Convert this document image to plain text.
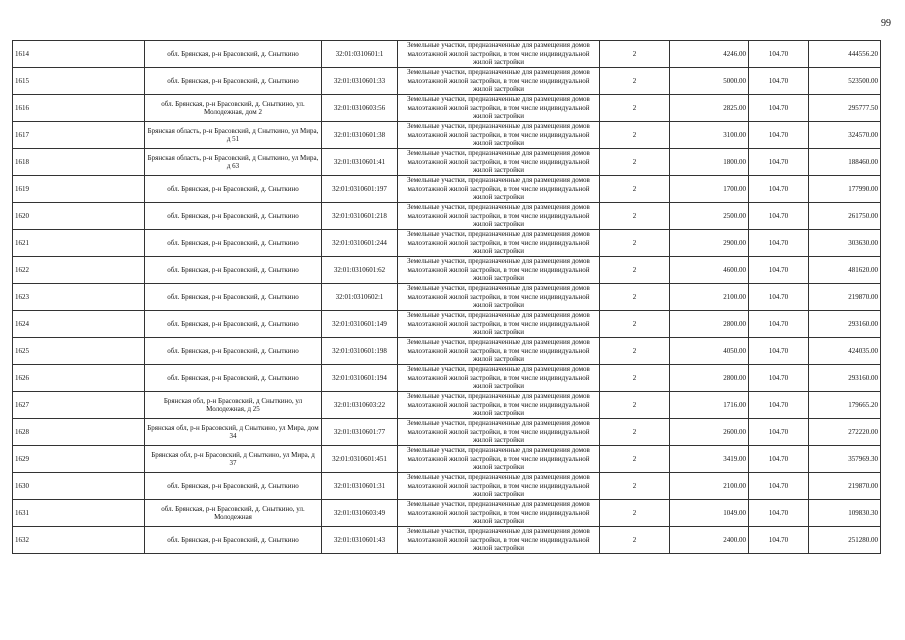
99
1614	обл. Брянская, р-н Брасовский, д. Сныткино	32:01:0310601:1	Земельные участки, предназначенные для размещения домов малоэтажной жилой застройки, в том числе индивидуальной жилой застройки	2	4246.00	104.70	444556.20
1615	обл. Брянская, р-н Брасовский, д. Сныткино	32:01:0310601:33	Земельные участки, предназначенные для размещения домов малоэтажной жилой застройки, в том числе индивидуальной жилой застройки	2	5000.00	104.70	523500.00
1616	обл. Брянская, р-н Брасовский, д. Сныткино, ул. Молодежная, дом 2	32:01:0310603:56	Земельные участки, предназначенные для размещения домов малоэтажной жилой застройки, в том числе индивидуальной жилой застройки	2	2825.00	104.70	295777.50
1617	Брянская область, р-н Брасовский, д Сныткино, ул Мира, д 51	32:01:0310601:38	Земельные участки, предназначенные для размещения домов малоэтажной жилой застройки, в том числе индивидуальной жилой застройки	2	3100.00	104.70	324570.00
1618	Брянская область, р-н Брасовский, д Сныткино, ул Мира, д 63	32:01:0310601:41	Земельные участки, предназначенные для размещения домов малоэтажной жилой застройки, в том числе индивидуальной жилой застройки	2	1800.00	104.70	188460.00
1619	обл. Брянская, р-н Брасовский, д. Сныткино	32:01:0310601:197	Земельные участки, предназначенные для размещения домов малоэтажной жилой застройки, в том числе индивидуальной жилой застройки	2	1700.00	104.70	177990.00
1620	обл. Брянская, р-н Брасовский, д. Сныткино	32:01:0310601:218	Земельные участки, предназначенные для размещения домов малоэтажной жилой застройки, в том числе индивидуальной жилой застройки	2	2500.00	104.70	261750.00
1621	обл. Брянская, р-н Брасовский, д. Сныткино	32:01:0310601:244	Земельные участки, предназначенные для размещения домов малоэтажной жилой застройки, в том числе индивидуальной жилой застройки	2	2900.00	104.70	303630.00
1622	обл. Брянская, р-н Брасовский, д. Сныткино	32:01:0310601:62	Земельные участки, предназначенные для размещения домов малоэтажной жилой застройки, в том числе индивидуальной жилой застройки	2	4600.00	104.70	481620.00
1623	обл. Брянская, р-н Брасовский, д. Сныткино	32:01:0310602:1	Земельные участки, предназначенные для размещения домов малоэтажной жилой застройки, в том числе индивидуальной жилой застройки	2	2100.00	104.70	219870.00
1624	обл. Брянская, р-н Брасовский, д. Сныткино	32:01:0310601:149	Земельные участки, предназначенные для размещения домов малоэтажной жилой застройки, в том числе индивидуальной жилой застройки	2	2800.00	104.70	293160.00
1625	обл. Брянская, р-н Брасовский, д. Сныткино	32:01:0310601:198	Земельные участки, предназначенные для размещения домов малоэтажной жилой застройки, в том числе индивидуальной жилой застройки	2	4050.00	104.70	424035.00
1626	обл. Брянская, р-н Брасовский, д. Сныткино	32:01:0310601:194	Земельные участки, предназначенные для размещения домов малоэтажной жилой застройки, в том числе индивидуальной жилой застройки	2	2800.00	104.70	293160.00
1627	Брянская обл, р-н Брасовский, д Сныткино, ул Молодежная, д 25	32:01:0310603:22	Земельные участки, предназначенные для размещения домов малоэтажной жилой застройки, в том числе индивидуальной жилой застройки	2	1716.00	104.70	179665.20
1628	Брянская обл, р-н Брасовский, д Сныткино, ул Мира, дом 34	32:01:0310601:77	Земельные участки, предназначенные для размещения домов малоэтажной жилой застройки, в том числе индивидуальной жилой застройки	2	2600.00	104.70	272220.00
1629	Брянская обл, р-н Брасовский, д Сныткино, ул Мира, д 37	32:01:0310601:451	Земельные участки, предназначенные для размещения домов малоэтажной жилой застройки, в том числе индивидуальной жилой застройки	2	3419.00	104.70	357969.30
1630	обл. Брянская, р-н Брасовский, д. Сныткино	32:01:0310601:31	Земельные участки, предназначенные для размещения домов малоэтажной жилой застройки, в том числе индивидуальной жилой застройки	2	2100.00	104.70	219870.00
1631	обл. Брянская, р-н Брасовский, д. Сныткино, ул. Молодежная	32:01:0310603:49	Земельные участки, предназначенные для размещения домов малоэтажной жилой застройки, в том числе индивидуальной жилой застройки	2	1049.00	104.70	109830.30
1632	обл. Брянская, р-н Брасовский, д. Сныткино	32:01:0310601:43	Земельные участки, предназначенные для размещения домов малоэтажной жилой застройки, в том числе индивидуальной жилой застройки	2	2400.00	104.70	251280.00
